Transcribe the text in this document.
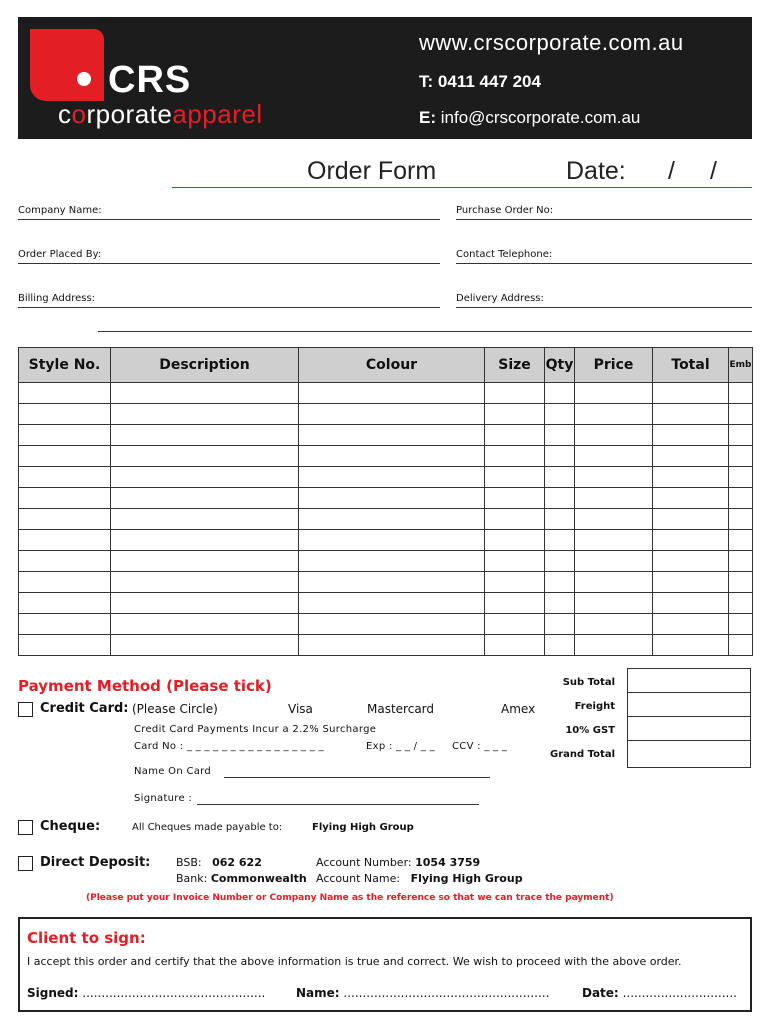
CRS
corporateapparel
www.crscorporate.com.au
T: 0411 447 204
E: info@crscorporate.com.au
Order Form	Date: / /
Company Name:	Purchase Order No:
Order Placed By:	Contact Telephone:
Billing Address:	Delivery Address:
Style No.	Description	Colour	Size	Qty	Price	Total	Emb

Payment Method (Please tick)
Credit Card: (Please Circle)	Visa	Mastercard	Amex
Credit Card Payments Incur a 2.2% Surcharge
Card No : _ _ _ _ _ _ _ _ _ _ _ _ _ _ _ _	Exp : _ _ / _ _ CCV : _ _ _
Name On Card
Signature :
Cheque:	All Cheques made payable to:	Flying High Group
Direct Deposit: BSB: 062 622
Bank: Commonwealth
Account Number: 1054 3759
Account Name: Flying High Group
(Please put your Invoice Number or Company Name as the reference so that we can trace the payment)
Sub Total
Freight
10% GST
Grand Total
Client to sign:
I accept this order and certify that the above information is true and correct. We wish to proceed with the above order.
Signed: ................................................	Name: ......................................................	Date: ..............................
